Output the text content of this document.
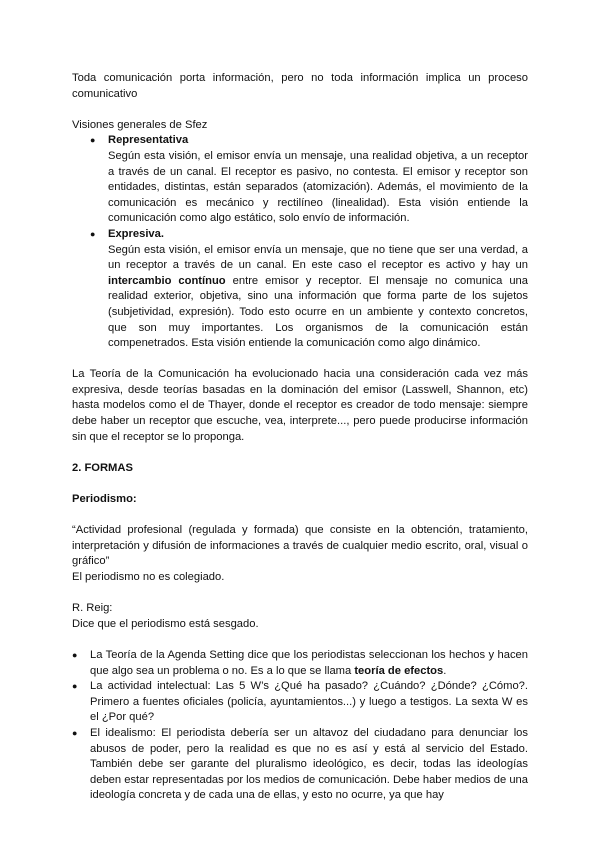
Toda comunicación porta información, pero no toda información implica un proceso comunicativo

Visiones generales de Sfez

● Representativa

Según esta visión, el emisor envía un mensaje, una realidad objetiva, a un receptor a través de un canal. El receptor es pasivo, no contesta. El emisor y receptor son entidades, distintas, están separados (atomización). Además, el movimiento de la comunicación es mecánico y rectilíneo (linealidad). Esta visión entiende la comunicación como algo estático, solo envío de información.

● Expresiva.

Según esta visión, el emisor envía un mensaje, que no tiene que ser una verdad, a un receptor a través de un canal. En este caso el receptor es activo y hay un intercambio contínuo entre emisor y receptor. El mensaje no comunica una realidad exterior, objetiva, sino una información que forma parte de los sujetos (subjetividad, expresión). Todo esto ocurre en un ambiente y contexto concretos, que son muy importantes. Los organismos de la comunicación están compenetrados. Esta visión entiende la comunicación como algo dinámico.

La Teoría de la Comunicación ha evolucionado hacia una consideración cada vez más expresiva, desde teorías basadas en la dominación del emisor (Lasswell, Shannon, etc) hasta modelos como el de Thayer, donde el receptor es creador de todo mensaje: siempre debe haber un receptor que escuche, vea, interprete..., pero puede producirse información sin que el receptor se lo proponga.

2. FORMAS

Periodismo:

“Actividad profesional (regulada y formada) que consiste en la obtención, tratamiento, interpretación y difusión de informaciones a través de cualquier medio escrito, oral, visual o gráfico”

El periodismo no es colegiado.

R. Reig:

Dice que el periodismo está sesgado.

● La Teoría de la Agenda Setting dice que los periodistas seleccionan los hechos y hacen que algo sea un problema o no. Es a lo que se llama teoría de efectos.
● La actividad intelectual: Las 5 W’s ¿Qué ha pasado? ¿Cuándo? ¿Dónde? ¿Cómo?. Primero a fuentes oficiales (policía, ayuntamientos...) y luego a testigos. La sexta W es el ¿Por qué?
● El idealismo: El periodista debería ser un altavoz del ciudadano para denunciar los abusos de poder, pero la realidad es que no es así y está al servicio del Estado. También debe ser garante del pluralismo ideológico, es decir, todas las ideologías deben estar representadas por los medios de comunicación. Debe haber medios de una ideología concreta y de cada una de ellas, y esto no ocurre, ya que hay
